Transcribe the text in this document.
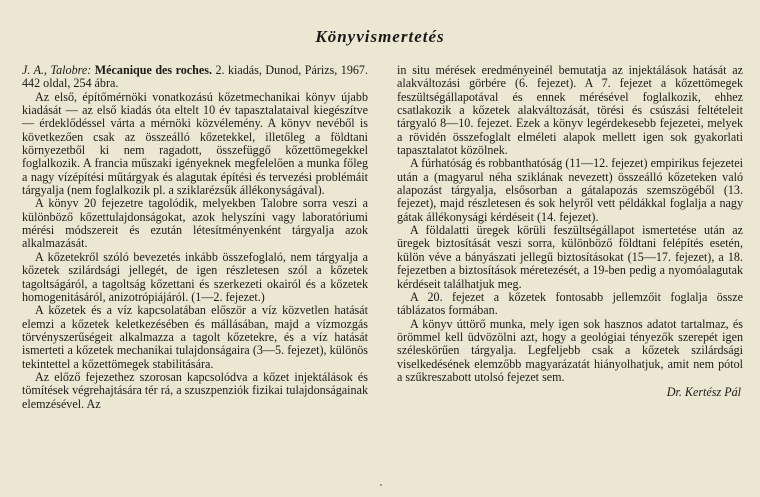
Könyvismertetés

J. A., Talobre: Mécanique des roches. 2. kiadás, Dunod, Párizs, 1967. 442 oldal, 254 ábra.

Az első, építőmérnöki vonatkozású kőzetmechanikai könyv újabb kiadását — az első kiadás óta eltelt 10 év tapasztalataival kiegészítve — érdeklődéssel várta a mérnöki közvélemény. A könyv nevéből is következően csak az összeálló kőzetekkel, illetőleg a földtani környezetből ki nem ragadott, összefüggő kőzettömegekkel foglalkozik. A francia műszaki igényeknek megfelelően a munka főleg a nagy vízépítési műtárgyak és alagutak építési és tervezési problémáit tárgyalja (nem foglalkozik pl. a sziklarézsűk állékonyságával).

A könyv 20 fejezetre tagolódik, melyekben Talobre sorra veszi a különböző kőzettulajdonságokat, azok helyszíni vagy laboratóriumi mérési módszereit és ezután létesítményenként tárgyalja azok alkalmazását.

A kőzetekről szóló bevezetés inkább összefoglaló, nem tárgyalja a kőzetek szilárdsági jellegét, de igen részletesen szól a kőzetek tagoltságáról, a tagoltság kőzettani és szerkezeti okairól és a kőzetek homogenitásáról, anizotrópiájáról. (1—2. fejezet.)

A kőzetek és a víz kapcsolatában először a víz közvetlen hatását elemzi a kőzetek keletkezésében és mállásában, majd a vízmozgás törvényszerűségeit alkalmazza a tagolt kőzetekre, és a víz hatását ismerteti a kőzetek mechanikai tulajdonságaira (3—5. fejezet), különös tekintettel a kőzettömegek stabilitására.

Az előző fejezethez szorosan kapcsolódva a kőzet injektálások és tömítések végrehajtására tér rá, a szuszpenziók fizikai tulajdonságainak elemzésével. Az

in situ mérések eredményeinél bemutatja az injektálások hatását az alakváltozási görbére (6. fejezet). A 7. fejezet a kőzettömegek feszültségállapotával és ennek mérésével foglalkozik, ehhez csatlakozik a kőzetek alakváltozását, törési és csúszási feltételeit tárgyaló 8—10. fejezet. Ezek a könyv legérdekesebb fejezetei, melyek a rövidén összefoglalt elméleti alapok mellett igen sok gyakorlati tapasztalatot közölnek.

A fúrhatóság és robbanthatóság (11—12. fejezet) empirikus fejezetei után a (magyarul néha sziklának nevezett) összeálló kőzeteken való alapozást tárgyalja, elsősorban a gátalapozás szemszögéből (13. fejezet), majd részletesen és sok helyről vett példákkal foglalja a nagy gátak állékonysági kérdéseit (14. fejezet).

A földalatti üregek körüli feszültségállapot ismertetése után az üregek biztosítását veszi sorra, különböző földtani felépítés esetén, külön véve a bányászati jellegű biztosításokat (15—17. fejezet), a 18. fejezetben a biztosítások méretezését, a 19-ben pedig a nyomóalagutak kérdéseit találhatjuk meg.

A 20. fejezet a kőzetek fontosabb jellemzőit foglalja össze táblázatos formában.

A könyv úttörő munka, mely igen sok hasznos adatot tartalmaz, és örömmel kell üdvözölni azt, hogy a geológiai tényezők szerepét igen széleskörűen tárgyalja. Legfeljebb csak a kőzetek szilárdsági viselkedésének elemzőbb magyarázatát hiányolhatjuk, amit nem pótol a szűkreszabott utolsó fejezet sem.

Dr. Kertész Pál
